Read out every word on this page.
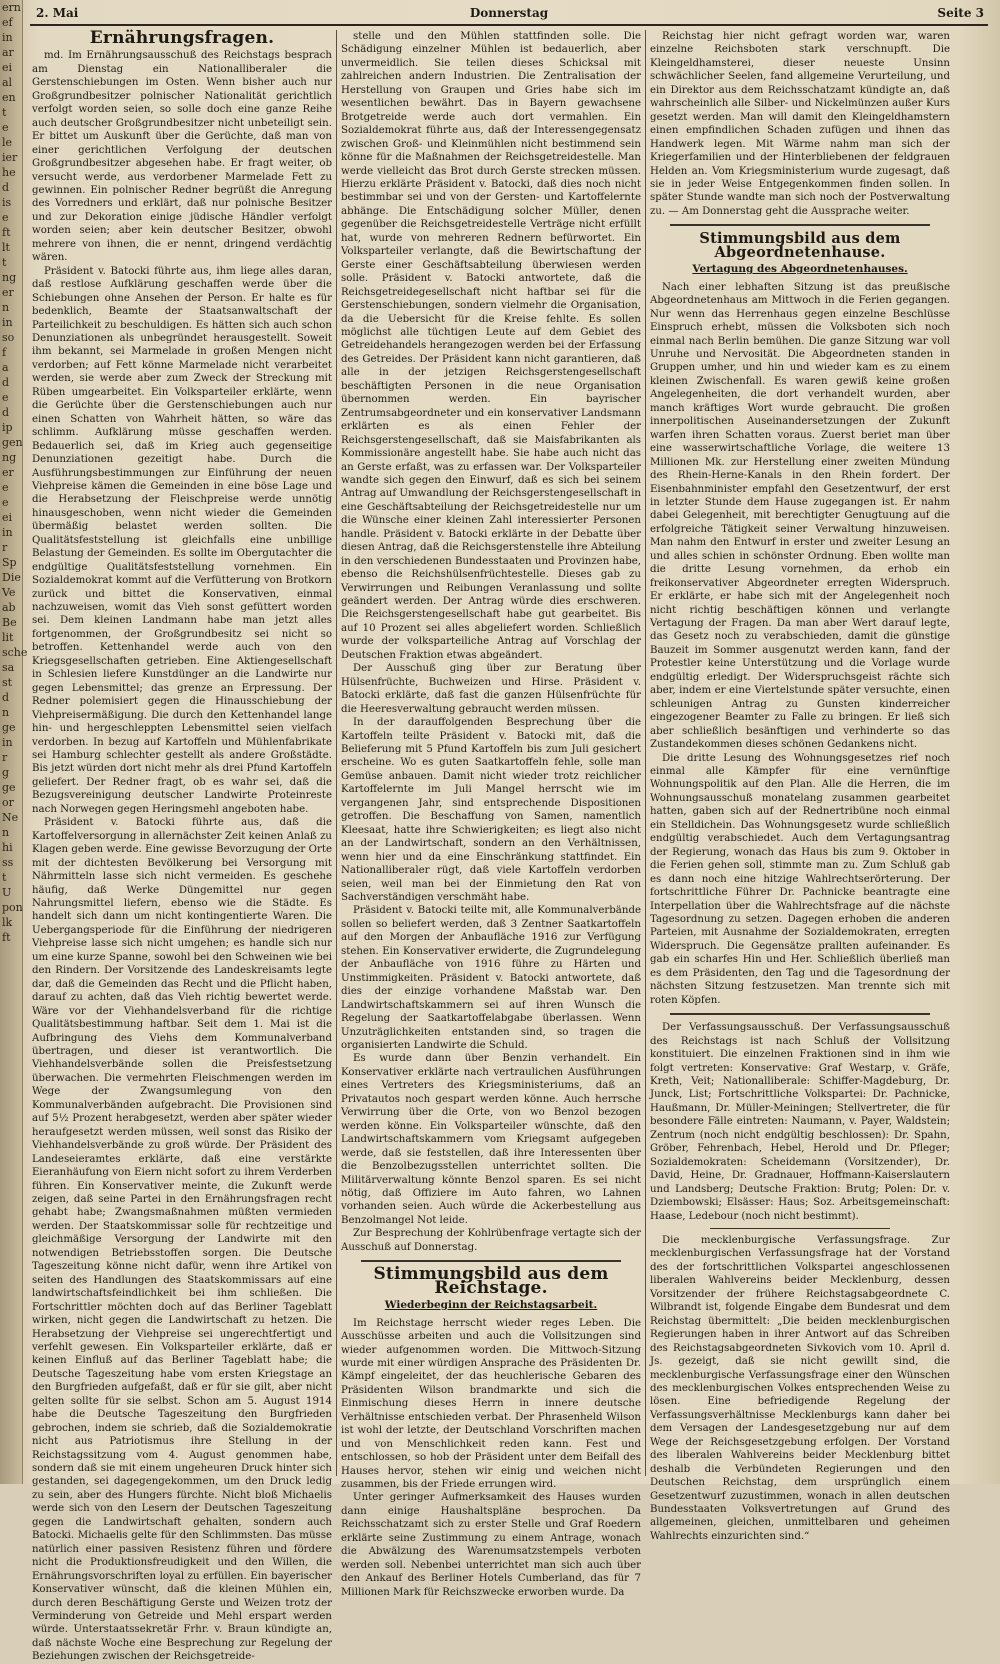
ern
ef
in
ar
ei
al
en
t
e
le
ier
he
d
is
e
ft
lt
t
ng
er
n
in
so
f
a
d
e
d
ip
gen
ng
er
e
e
ei
in
r
Sp
Die
Ve
ab
Be
lit
sche
sa
st
d
n
ge
in
r
g
ge
or
Ne
n
hi
ss
t
U
pon
lk
ft
2. Mai	Donnerstag	Seite 3
Ernährungsfragen.

md. Im Ernährungsausschuß des Reichstags besprach am Dienstag ein Nationalliberaler die Gerstenschiebungen im Osten. Wenn bisher auch nur Großgrundbesitzer polnischer Nationalität gerichtlich verfolgt worden seien, so solle doch eine ganze Reihe auch deutscher Großgrundbesitzer nicht unbeteiligt sein. Er bittet um Auskunft über die Gerüchte, daß man von einer gerichtlichen Verfolgung der deutschen Großgrundbesitzer abgesehen habe. Er fragt weiter, ob versucht werde, aus verdorbener Marmelade Fett zu gewinnen. Ein polnischer Redner begrüßt die Anregung des Vorredners und erklärt, daß nur polnische Besitzer und zur Dekoration einige jüdische Händler verfolgt worden seien; aber kein deutscher Besitzer, obwohl mehrere von ihnen, die er nennt, dringend verdächtig wären.

Präsident v. Batocki führte aus, ihm liege alles daran, daß restlose Aufklärung geschaffen werde über die Schiebungen ohne Ansehen der Person. Er halte es für bedenklich, Beamte der Staatsanwaltschaft der Parteilichkeit zu beschuldigen. Es hätten sich auch schon Denunziationen als unbegründet herausgestellt. Soweit ihm bekannt, sei Marmelade in großen Mengen nicht verdorben; auf Fett könne Marmelade nicht verarbeitet werden, sie werde aber zum Zweck der Streckung mit Rüben umgearbeitet. Ein Volksparteiler erklärte, wenn die Gerüchte über die Gerstenschiebungen auch nur einen Schatten von Wahrheit hätten, so wäre das schlimm. Aufklärung müsse geschaffen werden. Bedauerlich sei, daß im Krieg auch gegenseitige Denunziationen gezeitigt habe. Durch die Ausführungsbestimmungen zur Einführung der neuen Viehpreise kämen die Gemeinden in eine böse Lage und die Herabsetzung der Fleischpreise werde unnötig hinausgeschoben, wenn nicht wieder die Gemeinden übermäßig belastet werden sollten. Die Qualitätsfeststellung ist gleichfalls eine unbillige Belastung der Gemeinden. Es sollte im Obergutachter die endgültige Qualitätsfeststellung vornehmen. Ein Sozialdemokrat kommt auf die Verfütterung von Brotkorn zurück und bittet die Konservativen, einmal nachzuweisen, womit das Vieh sonst gefüttert worden sei. Dem kleinen Landmann habe man jetzt alles fortgenommen, der Großgrundbesitz sei nicht so betroffen. Kettenhandel werde auch von den Kriegsgesellschaften getrieben. Eine Aktiengesellschaft in Schlesien liefere Kunstdünger an die Landwirte nur gegen Lebensmittel; das grenze an Erpressung. Der Redner polemisiert gegen die Hinausschiebung der Viehpreisermäßigung. Die durch den Kettenhandel lange hin- und hergeschleppten Lebensmittel seien vielfach verdorben. In bezug auf Kartoffeln und Mühlenfabrikate sei Hamburg schlechter gestellt als andere Großstädte. Bis jetzt würden dort nicht mehr als drei Pfund Kartoffeln geliefert. Der Redner fragt, ob es wahr sei, daß die Bezugsvereinigung deutscher Landwirte Proteinreste nach Norwegen gegen Heringsmehl angeboten habe.

Präsident v. Batocki führte aus, daß die Kartoffelversorgung in allernächster Zeit keinen Anlaß zu Klagen geben werde. Eine gewisse Bevorzugung der Orte mit der dichtesten Bevölkerung bei Versorgung mit Nährmitteln lasse sich nicht vermeiden. Es geschehe häufig, daß Werke Düngemittel nur gegen Nahrungsmittel liefern, ebenso wie die Städte. Es handelt sich dann um nicht kontingentierte Waren. Die Uebergangsperiode für die Einführung der niedrigeren Viehpreise lasse sich nicht umgehen; es handle sich nur um eine kurze Spanne, sowohl bei den Schweinen wie bei den Rindern. Der Vorsitzende des Landeskreisamts legte dar, daß die Gemeinden das Recht und die Pflicht haben, darauf zu achten, daß das Vieh richtig bewertet werde. Wäre vor der Viehhandelsverband für die richtige Qualitätsbestimmung haftbar. Seit dem 1. Mai ist die Aufbringung des Viehs dem Kommunalverband übertragen, und dieser ist verantwortlich. Die Viehhandelsverbände sollen die Preisfestsetzung überwachen. Die vermehrten Fleischmengen werden im Wege der Zwangsumlegung von den Kommunalverbänden aufgebracht. Die Provisionen sind auf 5½ Prozent herabgesetzt, werden aber später wieder heraufgesetzt werden müssen, weil sonst das Risiko der Viehhandelsverbände zu groß würde. Der Präsident des Landeseieramtes erklärte, daß eine verstärkte Eieranhäufung von Eiern nicht sofort zu ihrem Verderben führen. Ein Konservativer meinte, die Zukunft werde zeigen, daß seine Partei in den Ernährungsfragen recht gehabt habe; Zwangsmaßnahmen müßten vermieden werden. Der Staatskommissar solle für rechtzeitige und gleichmäßige Versorgung der Landwirte mit den notwendigen Betriebsstoffen sorgen. Die Deutsche Tageszeitung könne nicht dafür, wenn ihre Artikel von seiten des Handlungen des Staatskommissars auf eine landwirtschaftsfeindlichkeit bei ihm schließen. Die Fortschrittler möchten doch auf das Berliner Tageblatt wirken, nicht gegen die Landwirtschaft zu hetzen. Die Herabsetzung der Viehpreise sei ungerechtfertigt und verfehlt gewesen. Ein Volksparteiler erklärte, daß er keinen Einfluß auf das Berliner Tageblatt habe; die Deutsche Tageszeitung habe vom ersten Kriegstage an den Burgfrieden aufgefaßt, daß er für sie gilt, aber nicht gelten sollte für sie selbst. Schon am 5. August 1914 habe die Deutsche Tageszeitung den Burgfrieden gebrochen, indem sie schrieb, daß die Sozialdemokratie nicht aus Patriotismus ihre Stellung in der Reichstagssitzung vom 4. August genommen habe, sondern daß sie mit einem ungeheuren Druck hinter sich gestanden, sei dagegengekommen, um den Druck ledig zu sein, aber des Hungers fürchte. Nicht bloß Michaelis werde sich von den Lesern der Deutschen Tageszeitung gegen die Landwirtschaft gehalten, sondern auch Batocki. Michaelis gelte für den Schlimmsten. Das müsse natürlich einer passiven Resistenz führen und fördere nicht die Produktionsfreudigkeit und den Willen, die Ernährungsvorschriften loyal zu erfüllen. Ein bayerischer Konservativer wünscht, daß die kleinen Mühlen ein, durch deren Beschäftigung Gerste und Weizen trotz der Verminderung von Getreide und Mehl erspart werden würde. Unterstaatssekretär Frhr. v. Braun kündigte an, daß nächste Woche eine Besprechung zur Regelung der Beziehungen zwischen der Reichsgetreide-

stelle und den Mühlen stattfinden solle. Die Schädigung einzelner Mühlen ist bedauerlich, aber unvermeidlich. Sie teilen dieses Schicksal mit zahlreichen andern Industrien. Die Zentralisation der Herstellung von Graupen und Gries habe sich im wesentlichen bewährt. Das in Bayern gewachsene Brotgetreide werde auch dort vermahlen. Ein Sozialdemokrat führte aus, daß der Interessengegensatz zwischen Groß- und Kleinmühlen nicht bestimmend sein könne für die Maßnahmen der Reichsgetreidestelle. Man werde vielleicht das Brot durch Gerste strecken müssen. Hierzu erklärte Präsident v. Batocki, daß dies noch nicht bestimmbar sei und von der Gersten- und Kartoffelernte abhänge. Die Entschädigung solcher Müller, denen gegenüber die Reichsgetreidestelle Verträge nicht erfüllt hat, wurde von mehreren Rednern befürwortet. Ein Volksparteiler verlangte, daß die Bewirtschaftung der Gerste einer Geschäftsabteilung überwiesen werden solle. Präsident v. Batocki antwortete, daß die Reichsgetreidegesellschaft nicht haftbar sei für die Gerstenschiebungen, sondern vielmehr die Organisation, da die Uebersicht für die Kreise fehlte. Es sollen möglichst alle tüchtigen Leute auf dem Gebiet des Getreidehandels herangezogen werden bei der Erfassung des Getreides. Der Präsident kann nicht garantieren, daß alle in der jetzigen Reichsgerstengesellschaft beschäftigten Personen in die neue Organisation übernommen werden. Ein bayrischer Zentrumsabgeordneter und ein konservativer Landsmann erklärten es als einen Fehler der Reichsgerstengesellschaft, daß sie Maisfabrikanten als Kommissionäre angestellt habe. Sie habe auch nicht das an Gerste erfaßt, was zu erfassen war. Der Volksparteiler wandte sich gegen den Einwurf, daß es sich bei seinem Antrag auf Umwandlung der Reichsgerstengesellschaft in eine Geschäftsabteilung der Reichsgetreidestelle nur um die Wünsche einer kleinen Zahl interessierter Personen handle. Präsident v. Batocki erklärte in der Debatte über diesen Antrag, daß die Reichsgerstenstelle ihre Abteilung in den verschiedenen Bundesstaaten und Provinzen habe, ebenso die Reichshülsenfrüchtestelle. Dieses gab zu Verwirrungen und Reibungen Veranlassung und sollte geändert werden. Der Antrag würde dies erschweren. Die Reichsgerstengesellschaft habe gut gearbeitet. Bis auf 10 Prozent sei alles abgeliefert worden. Schließlich wurde der volksparteiliche Antrag auf Vorschlag der Deutschen Fraktion etwas abgeändert.

Der Ausschuß ging über zur Beratung über Hülsenfrüchte, Buchweizen und Hirse. Präsident v. Batocki erklärte, daß fast die ganzen Hülsenfrüchte für die Heeresverwaltung gebraucht werden müssen.

In der darauffolgenden Besprechung über die Kartoffeln teilte Präsident v. Batocki mit, daß die Belieferung mit 5 Pfund Kartoffeln bis zum Juli gesichert erscheine. Wo es guten Saatkartoffeln fehle, solle man Gemüse anbauen. Damit nicht wieder trotz reichlicher Kartoffelernte im Juli Mangel herrscht wie im vergangenen Jahr, sind entsprechende Dispositionen getroffen. Die Beschaffung von Samen, namentlich Kleesaat, hatte ihre Schwierigkeiten; es liegt also nicht an der Landwirtschaft, sondern an den Verhältnissen, wenn hier und da eine Einschränkung stattfindet. Ein Nationalliberaler rügt, daß viele Kartoffeln verdorben seien, weil man bei der Einmietung den Rat von Sachverständigen verschmäht habe.

Präsident v. Batocki teilte mit, alle Kommunalverbände sollen so beliefert werden, daß 3 Zentner Saatkartoffeln auf den Morgen der Anbaufläche 1916 zur Verfügung stehen. Ein Konservativer erwiderte, die Zugrundelegung der Anbaufläche von 1916 führe zu Härten und Unstimmigkeiten. Präsident v. Batocki antwortete, daß dies der einzige vorhandene Maßstab war. Den Landwirtschaftskammern sei auf ihren Wunsch die Regelung der Saatkartoffelabgabe überlassen. Wenn Unzuträglichkeiten entstanden sind, so tragen die organisierten Landwirte die Schuld.

Es wurde dann über Benzin verhandelt. Ein Konservativer erklärte nach vertraulichen Ausführungen eines Vertreters des Kriegsministeriums, daß an Privatautos noch gespart werden könne. Auch herrsche Verwirrung über die Orte, von wo Benzol bezogen werden könne. Ein Volksparteiler wünschte, daß den Landwirtschaftskammern vom Kriegsamt aufgegeben werde, daß sie feststellen, daß ihre Interessenten über die Benzolbezugsstellen unterrichtet sollten. Die Militärverwaltung könnte Benzol sparen. Es sei nicht nötig, daß Offiziere im Auto fahren, wo Lahnen vorhanden seien. Auch würde die Ackerbestellung aus Benzolmangel Not leide.

Zur Besprechung der Kohlrübenfrage vertagte sich der Ausschuß auf Donnerstag.

Stimmungsbild aus dem Reichstage.
Wiederbeginn der Reichstagsarbeit.

Im Reichstage herrscht wieder reges Leben. Die Ausschüsse arbeiten und auch die Vollsitzungen sind wieder aufgenommen worden. Die Mittwoch-Sitzung wurde mit einer würdigen Ansprache des Präsidenten Dr. Kämpf eingeleitet, der das heuchlerische Gebaren des Präsidenten Wilson brandmarkte und sich die Einmischung dieses Herrn in innere deutsche Verhältnisse entschieden verbat. Der Phrasenheld Wilson ist wohl der letzte, der Deutschland Vorschriften machen und von Menschlichkeit reden kann. Fest und entschlossen, so hob der Präsident unter dem Beifall des Hauses hervor, stehen wir einig und weichen nicht zusammen, bis der Friede errungen wird.

Unter geringer Aufmerksamkeit des Hauses wurden dann einige Haushaltspläne besprochen. Da Reichsschatzamt sich zu erster Stelle und Graf Roedern erklärte seine Zustimmung zu einem Antrage, wonach die Abwälzung des Warenumsatzstempels verboten werden soll. Nebenbei unterrichtet man sich auch über den Ankauf des Berliner Hotels Cumberland, das für 7 Millionen Mark für Reichszwecke erworben wurde. Da

Reichstag hier nicht gefragt worden war, waren einzelne Reichsboten stark verschnupft. Die Kleingeldhamsterei, dieser neueste Unsinn schwächlicher Seelen, fand allgemeine Verurteilung, und ein Direktor aus dem Reichsschatzamt kündigte an, daß wahrscheinlich alle Silber- und Nickelmünzen außer Kurs gesetzt werden. Man will damit den Kleingeldhamstern einen empfindlichen Schaden zufügen und ihnen das Handwerk legen. Mit Wärme nahm man sich der Kriegerfamilien und der Hinterbliebenen der feldgrauen Helden an. Vom Kriegsministerium wurde zugesagt, daß sie in jeder Weise Entgegenkommen finden sollen. In später Stunde wandte man sich noch der Postverwaltung zu. — Am Donnerstag geht die Aussprache weiter.

Stimmungsbild aus dem Abgeordnetenhause.
Vertagung des Abgeordnetenhauses.

Nach einer lebhaften Sitzung ist das preußische Abgeordnetenhaus am Mittwoch in die Ferien gegangen. Nur wenn das Herrenhaus gegen einzelne Beschlüsse Einspruch erhebt, müssen die Volksboten sich noch einmal nach Berlin bemühen. Die ganze Sitzung war voll Unruhe und Nervosität. Die Abgeordneten standen in Gruppen umher, und hin und wieder kam es zu einem kleinen Zwischenfall. Es waren gewiß keine großen Angelegenheiten, die dort verhandelt wurden, aber manch kräftiges Wort wurde gebraucht. Die großen innerpolitischen Auseinandersetzungen der Zukunft warfen ihren Schatten voraus. Zuerst beriet man über eine wasserwirtschaftliche Vorlage, die weitere 13 Millionen Mk. zur Herstellung einer zweiten Mündung des Rhein-Herne-Kanals in den Rhein fordert. Der Eisenbahnminister empfahl den Gesetzentwurf, der erst in letzter Stunde dem Hause zugegangen ist. Er nahm dabei Gelegenheit, mit berechtigter Genugtuung auf die erfolgreiche Tätigkeit seiner Verwaltung hinzuweisen. Man nahm den Entwurf in erster und zweiter Lesung an und alles schien in schönster Ordnung. Eben wollte man die dritte Lesung vornehmen, da erhob ein freikonservativer Abgeordneter erregten Widerspruch. Er erklärte, er habe sich mit der Angelegenheit noch nicht richtig beschäftigen können und verlangte Vertagung der Fragen. Da man aber Wert darauf legte, das Gesetz noch zu verabschieden, damit die günstige Bauzeit im Sommer ausgenutzt werden kann, fand der Protestler keine Unterstützung und die Vorlage wurde endgültig erledigt. Der Widerspruchsgeist rächte sich aber, indem er eine Viertelstunde später versuchte, einen schleunigen Antrag zu Gunsten kinderreicher eingezogener Beamter zu Falle zu bringen. Er ließ sich aber schließlich besänftigen und verhinderte so das Zustandekommen dieses schönen Gedankens nicht.

Die dritte Lesung des Wohnungsgesetzes rief noch einmal alle Kämpfer für eine vernünftige Wohnungspolitik auf den Plan. Alle die Herren, die im Wohnungsausschuß monatelang zusammen gearbeitet hatten, gaben sich auf der Rednertribüne noch einmal ein Stelldichein. Das Wohnungsgesetz wurde schließlich endgültig verabschiedet. Auch dem Vertagungsantrag der Regierung, wonach das Haus bis zum 9. Oktober in die Ferien gehen soll, stimmte man zu. Zum Schluß gab es dann noch eine hitzige Wahlrechtserörterung. Der fortschrittliche Führer Dr. Pachnicke beantragte eine Interpellation über die Wahlrechtsfrage auf die nächste Tagesordnung zu setzen. Dagegen erhoben die anderen Parteien, mit Ausnahme der Sozialdemokraten, erregten Widerspruch. Die Gegensätze prallten aufeinander. Es gab ein scharfes Hin und Her. Schließlich überließ man es dem Präsidenten, den Tag und die Tagesordnung der nächsten Sitzung festzusetzen. Man trennte sich mit roten Köpfen.

Der Verfassungsausschuß. Der Verfassungsausschuß des Reichstags ist nach Schluß der Vollsitzung konstituiert. Die einzelnen Fraktionen sind in ihm wie folgt vertreten: Konservative: Graf Westarp, v. Gräfe, Kreth, Veit; Nationalliberale: Schiffer-Magdeburg, Dr. Junck, List; Fortschrittliche Volkspartei: Dr. Pachnicke, Haußmann, Dr. Müller-Meiningen; Stellvertreter, die für besondere Fälle eintreten: Naumann, v. Payer, Waldstein; Zentrum (noch nicht endgültig beschlossen): Dr. Spahn, Gröber, Fehrenbach, Hebel, Herold und Dr. Pfleger; Sozialdemokraten: Scheidemann (Vorsitzender), Dr. David, Heine, Dr. Gradnauer, Hoffmann-Kaiserslautern und Landsberg; Deutsche Fraktion: Brutg; Polen: Dr. v. Dziembowski; Elsässer: Haus; Soz. Arbeitsgemeinschaft: Haase, Ledebour (noch nicht bestimmt).

Die mecklenburgische Verfassungsfrage. Zur mecklenburgischen Verfassungsfrage hat der Vorstand des der fortschrittlichen Volkspartei angeschlossenen liberalen Wahlvereins beider Mecklenburg, dessen Vorsitzender der frühere Reichstagsabgeordnete C. Wilbrandt ist, folgende Eingabe dem Bundesrat und dem Reichstag übermittelt: „Die beiden mecklenburgischen Regierungen haben in ihrer Antwort auf das Schreiben des Reichstagsabgeordneten Sivkovich vom 10. April d. Js. gezeigt, daß sie nicht gewillt sind, die mecklenburgische Verfassungsfrage einer den Wünschen des mecklenburgischen Volkes entsprechenden Weise zu lösen. Eine befriedigende Regelung der Verfassungsverhältnisse Mecklenburgs kann daher bei dem Versagen der Landesgesetzgebung nur auf dem Wege der Reichsgesetzgebung erfolgen. Der Vorstand des liberalen Wahlvereins beider Mecklenburg bittet deshalb die Verbündeten Regierungen und den Deutschen Reichstag, dem ursprünglich einem Gesetzentwurf zuzustimmen, wonach in allen deutschen Bundesstaaten Volksvertretungen auf Grund des allgemeinen, gleichen, unmittelbaren und geheimen Wahlrechts einzurichten sind.“
